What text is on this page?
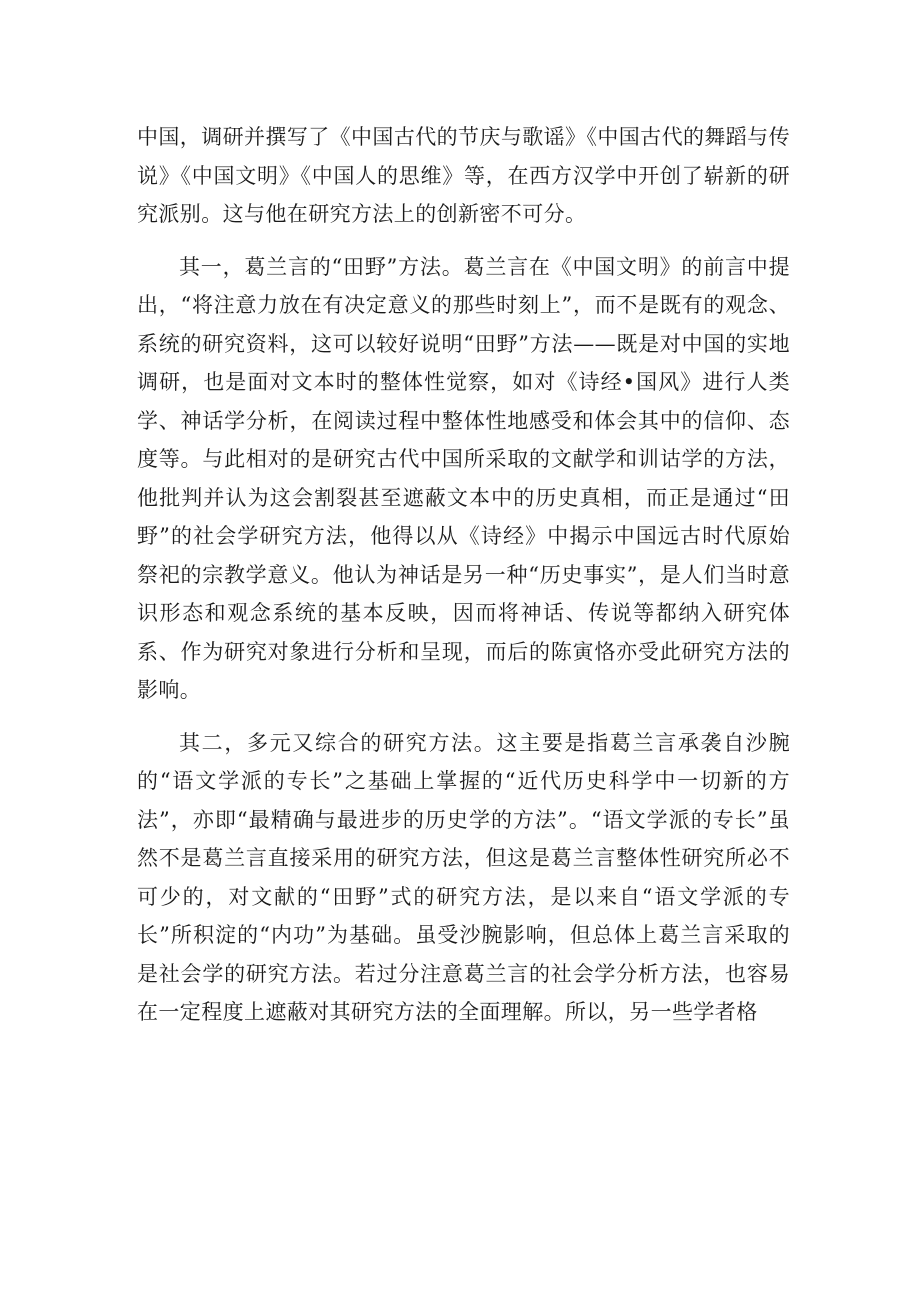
中国，调研并撰写了《中国古代的节庆与歌谣》《中国古代的舞蹈与传说》《中国文明》《中国人的思维》等，在西方汉学中开创了崭新的研究派别。这与他在研究方法上的创新密不可分。

其一，葛兰言的“田野”方法。葛兰言在《中国文明》的前言中提出，“将注意力放在有决定意义的那些时刻上”，而不是既有的观念、系统的研究资料，这可以较好说明“田野”方法——既是对中国的实地调研，也是面对文本时的整体性觉察，如对《诗经•国风》进行人类学、神话学分析，在阅读过程中整体性地感受和体会其中的信仰、态度等。与此相对的是研究古代中国所采取的文献学和训诂学的方法，他批判并认为这会割裂甚至遮蔽文本中的历史真相，而正是通过“田野”的社会学研究方法，他得以从《诗经》中揭示中国远古时代原始祭祀的宗教学意义。他认为神话是另一种“历史事实”，是人们当时意识形态和观念系统的基本反映，因而将神话、传说等都纳入研究体系、作为研究对象进行分析和呈现，而后的陈寅恪亦受此研究方法的影响。

其二，多元又综合的研究方法。这主要是指葛兰言承袭自沙腕的“语文学派的专长”之基础上掌握的“近代历史科学中一切新的方法”，亦即“最精确与最进步的历史学的方法”。“语文学派的专长”虽然不是葛兰言直接采用的研究方法，但这是葛兰言整体性研究所必不可少的，对文献的“田野”式的研究方法，是以来自“语文学派的专长”所积淀的“内功”为基础。虽受沙腕影响，但总体上葛兰言采取的是社会学的研究方法。若过分注意葛兰言的社会学分析方法，也容易在一定程度上遮蔽对其研究方法的全面理解。所以，另一些学者格
